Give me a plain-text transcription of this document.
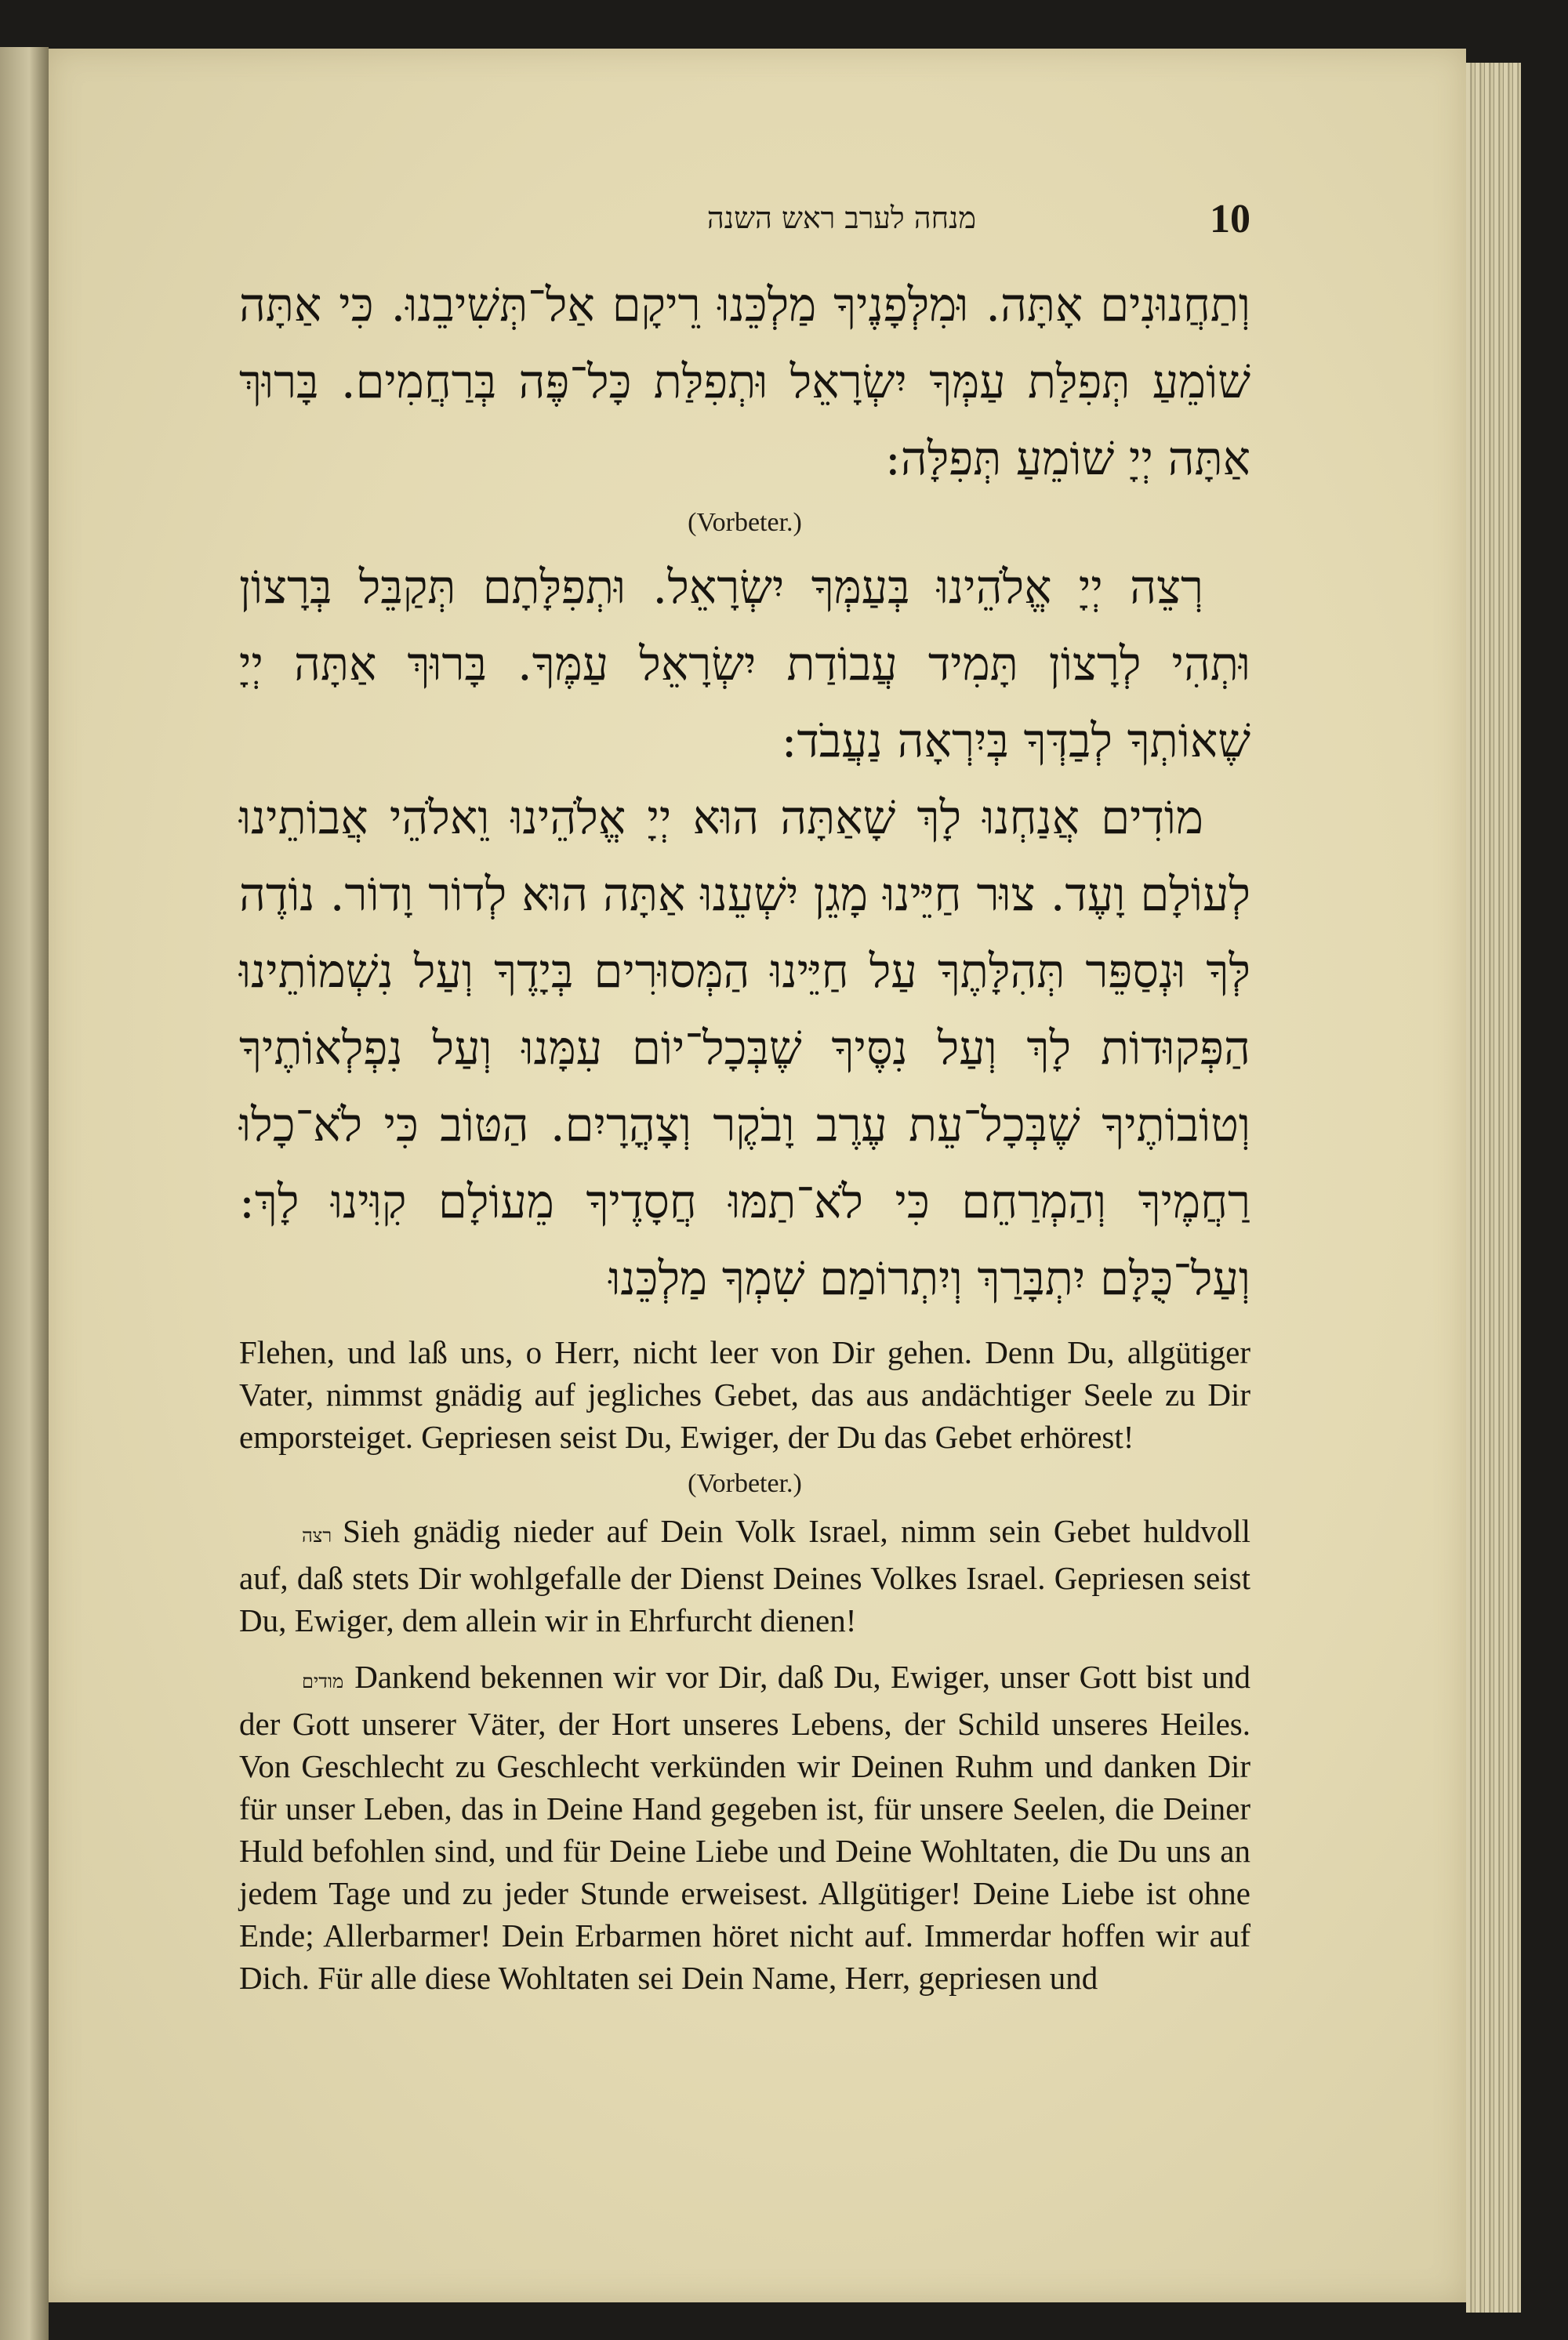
מנחה לערב ראש השנה	10

וְתַחֲנוּנִים אָתָּה. וּמִלְּפָנֶיךָ מַלְכֵּנוּ רֵיקָם אַל־תְּשִׁיבֵנוּ. כִּי אַתָּה שׁוֹמֵעַ תְּפִלַּת עַמְּךָ יִשְׂרָאֵל וּתְפִלַּת כָּל־פֶּה בְּרַחֲמִים. בָּרוּךְ אַתָּה יְיָ שׁוֹמֵעַ תְּפִלָּה:

(Vorbeter.)

רְצֵה יְיָ אֱלֹהֵינוּ בְּעַמְּךָ יִשְׂרָאֵל. וּתְפִלָּתָם תְּקַבֵּל בְּרָצוֹן וּתְהִי לְרָצוֹן תָּמִיד עֲבוֹדַת יִשְׂרָאֵל עַמֶּךָ. בָּרוּךְ אַתָּה יְיָ שֶׁאוֹתְךָ לְבַדְּךָ בְּיִרְאָה נַעֲבֹד:

מוֹדִים אֲנַחְנוּ לָךְ שָׁאַתָּה הוּא יְיָ אֱלֹהֵינוּ וֵאלֹהֵי אֲבוֹתֵינוּ לְעוֹלָם וָעֶד. צוּר חַיֵּינוּ מָגֵן יִשְׁעֵנוּ אַתָּה הוּא לְדוֹר וָדוֹר. נוֹדֶה לְּךָ וּנְסַפֵּר תְּהִלָּתֶךָ עַל חַיֵּינוּ הַמְּסוּרִים בְּיָדֶךָ וְעַל נִשְׁמוֹתֵינוּ הַפְּקוּדוֹת לָךְ וְעַל נִסֶּיךָ שֶׁבְּכָל־יוֹם עִמָּנוּ וְעַל נִפְלְאוֹתֶיךָ וְטוֹבוֹתֶיךָ שֶׁבְּכָל־עֵת עֶרֶב וָבֹקֶר וְצָהֳרָיִם. הַטּוֹב כִּי לֹא־כָלוּ רַחֲמֶיךָ וְהַמְרַחֵם כִּי לֹא־תַמּוּ חֲסָדֶיךָ מֵעוֹלָם קִוִּינוּ לָךְ: וְעַל־כֻּלָּם יִתְבָּרַךְ וְיִתְרוֹמַם שִׁמְךָ מַלְכֵּנוּ

Flehen, und laß uns, o Herr, nicht leer von Dir gehen. Denn Du, allgütiger Vater, nimmst gnädig auf jegliches Gebet, das aus andächtiger Seele zu Dir emporsteiget. Gepriesen seist Du, Ewiger, der Du das Gebet erhörest!

(Vorbeter.)

רצה Sieh gnädig nieder auf Dein Volk Israel, nimm sein Gebet huldvoll auf, daß stets Dir wohlgefalle der Dienst Deines Volkes Israel. Gepriesen seist Du, Ewiger, dem allein wir in Ehrfurcht dienen!

מודים Dankend bekennen wir vor Dir, daß Du, Ewiger, unser Gott bist und der Gott unserer Väter, der Hort unseres Lebens, der Schild unseres Heiles. Von Geschlecht zu Geschlecht verkünden wir Deinen Ruhm und danken Dir für unser Leben, das in Deine Hand gegeben ist, für unsere Seelen, die Deiner Huld befohlen sind, und für Deine Liebe und Deine Wohltaten, die Du uns an jedem Tage und zu jeder Stunde erweisest. Allgütiger! Deine Liebe ist ohne Ende; Allerbarmer! Dein Erbarmen höret nicht auf. Immerdar hoffen wir auf Dich. Für alle diese Wohltaten sei Dein Name, Herr, gepriesen und
